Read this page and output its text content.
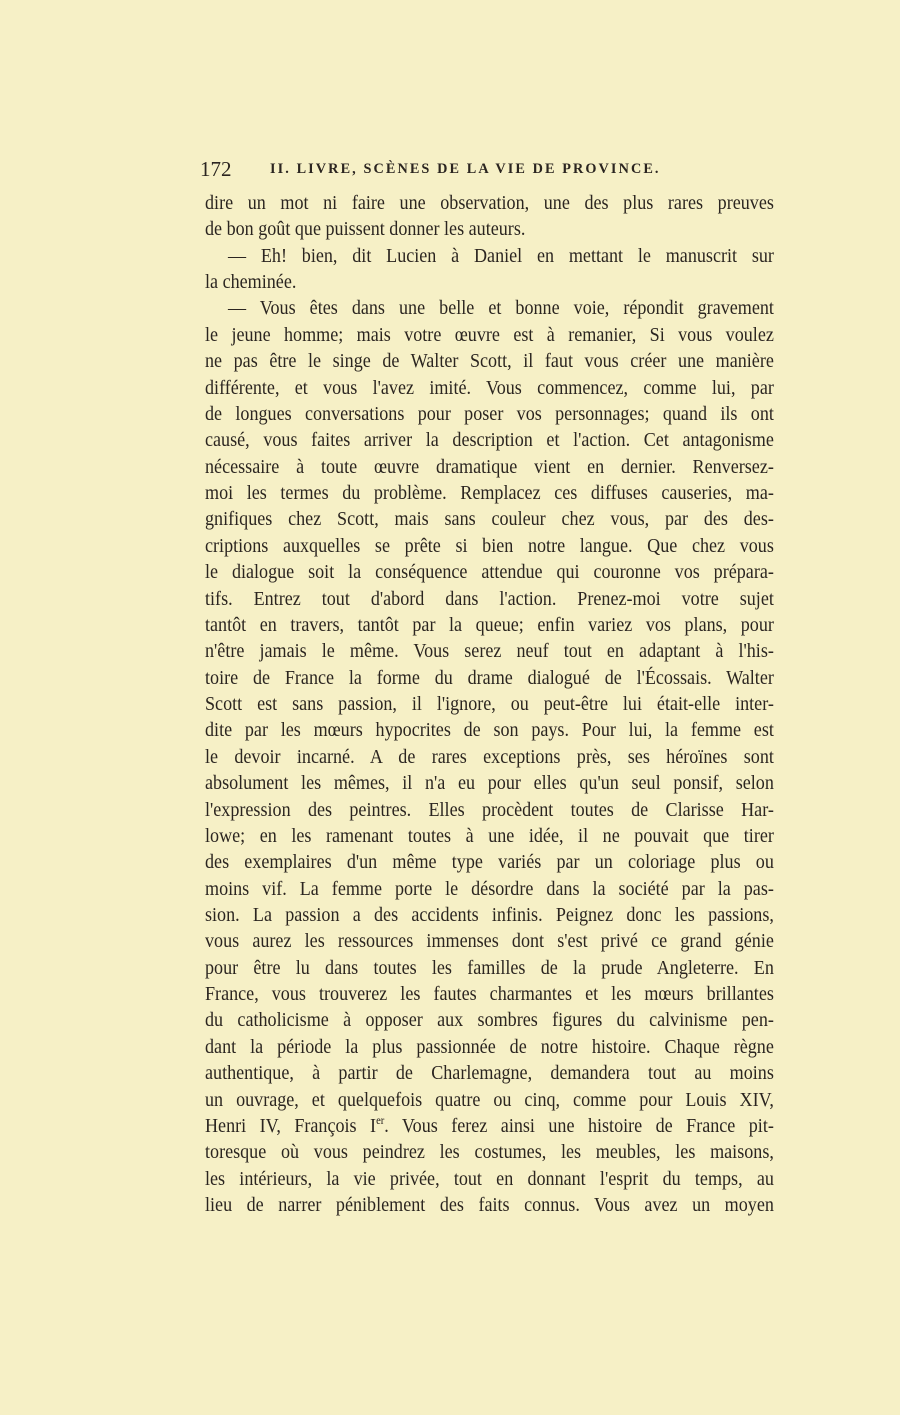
172	II. LIVRE, SCÈNES DE LA VIE DE PROVINCE.
dire un mot ni faire une observation, une des plus rares preuves
de bon goût que puissent donner les auteurs.
— Eh! bien, dit Lucien à Daniel en mettant le manuscrit sur
la cheminée.
— Vous êtes dans une belle et bonne voie, répondit gravement
le jeune homme; mais votre œuvre est à remanier, Si vous voulez
ne pas être le singe de Walter Scott, il faut vous créer une manière
différente, et vous l'avez imité. Vous commencez, comme lui, par
de longues conversations pour poser vos personnages; quand ils ont
causé, vous faites arriver la description et l'action. Cet antagonisme
nécessaire à toute œuvre dramatique vient en dernier. Renversez-
moi les termes du problème. Remplacez ces diffuses causeries, ma-
gnifiques chez Scott, mais sans couleur chez vous, par des des-
criptions auxquelles se prête si bien notre langue. Que chez vous
le dialogue soit la conséquence attendue qui couronne vos prépara-
tifs. Entrez tout d'abord dans l'action. Prenez-moi votre sujet
tantôt en travers, tantôt par la queue; enfin variez vos plans, pour
n'être jamais le même. Vous serez neuf tout en adaptant à l'his-
toire de France la forme du drame dialogué de l'Écossais. Walter
Scott est sans passion, il l'ignore, ou peut-être lui était-elle inter-
dite par les mœurs hypocrites de son pays. Pour lui, la femme est
le devoir incarné. A de rares exceptions près, ses héroïnes sont
absolument les mêmes, il n'a eu pour elles qu'un seul ponsif, selon
l'expression des peintres. Elles procèdent toutes de Clarisse Har-
lowe; en les ramenant toutes à une idée, il ne pouvait que tirer
des exemplaires d'un même type variés par un coloriage plus ou
moins vif. La femme porte le désordre dans la société par la pas-
sion. La passion a des accidents infinis. Peignez donc les passions,
vous aurez les ressources immenses dont s'est privé ce grand génie
pour être lu dans toutes les familles de la prude Angleterre. En
France, vous trouverez les fautes charmantes et les mœurs brillantes
du catholicisme à opposer aux sombres figures du calvinisme pen-
dant la période la plus passionnée de notre histoire. Chaque règne
authentique, à partir de Charlemagne, demandera tout au moins
un ouvrage, et quelquefois quatre ou cinq, comme pour Louis XIV,
Henri IV, François Ier. Vous ferez ainsi une histoire de France pit-
toresque où vous peindrez les costumes, les meubles, les maisons,
les intérieurs, la vie privée, tout en donnant l'esprit du temps, au
lieu de narrer péniblement des faits connus. Vous avez un moyen
